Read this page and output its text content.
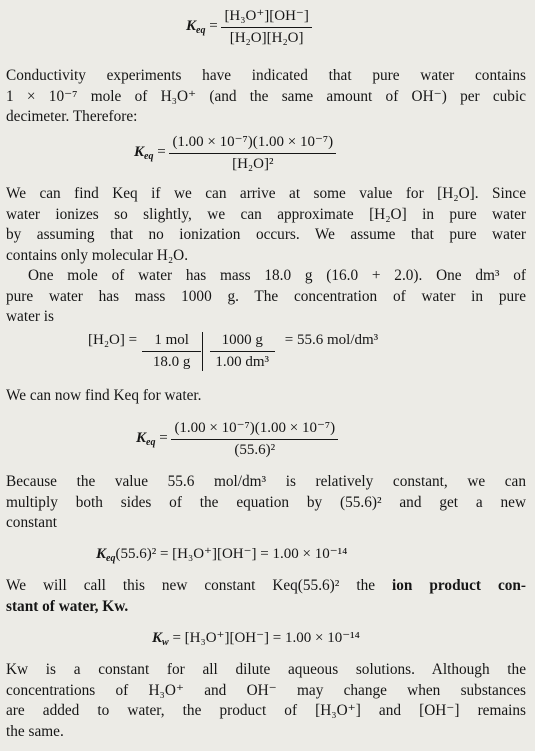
$K_{eq} = \frac{\text{[H₃O⁺][OH⁻]}}{\text{[H₂O][H₂O]}}$
Conductivity experiments have indicated that pure water contains
1 × 10⁻⁷ mole of H₃O⁺ (and the same amount of OH⁻) per cubic
decimeter. Therefore:
$K_{eq} = \frac{\text{(1.00 × 10⁻⁷)(1.00 × 10⁻⁷)}}{\text{[H₂O]²}}$
We can find Keq if we can arrive at some value for [H₂O]. Since
water ionizes so slightly, we can approximate [H₂O] in pure water
by assuming that no ionization occurs. We assume that pure water
contains only molecular H₂O.
One mole of water has mass 18.0 g (16.0 + 2.0). One dm³ of
pure water has mass 1000 g. The concentration of water in pure
water is
[H₂O] =	1 mol
18.0 g $\frac{1000 g}{\text{1.00 dm³}} = 55.6$ mol/dm³
We can now find Keq for water.
$K_{eq} = \frac{\text{(1.00 × 10⁻⁷)(1.00 × 10⁻⁷)}}{\text{(55.6)²}}$
Because the value 55.6 mol/dm³ is relatively constant, we can
multiply both sides of the equation by (55.6)² and get a new
constant
$K_{eq}(55.6)^2 = [H_3O^+][OH^-] = 1.00 \times 10^{-14}$
We will call this new constant Keq(55.6)² the ion product con-
stant of water, Kw.
$K_w = [H_3O^+][OH^-] = 1.00 \times 10^{-14}$
Kw is a constant for all dilute aqueous solutions. Although the
concentrations of H₃O⁺ and OH⁻ may change when substances
are added to water, the product of [H₃O⁺] and [OH⁻] remains
the same.
